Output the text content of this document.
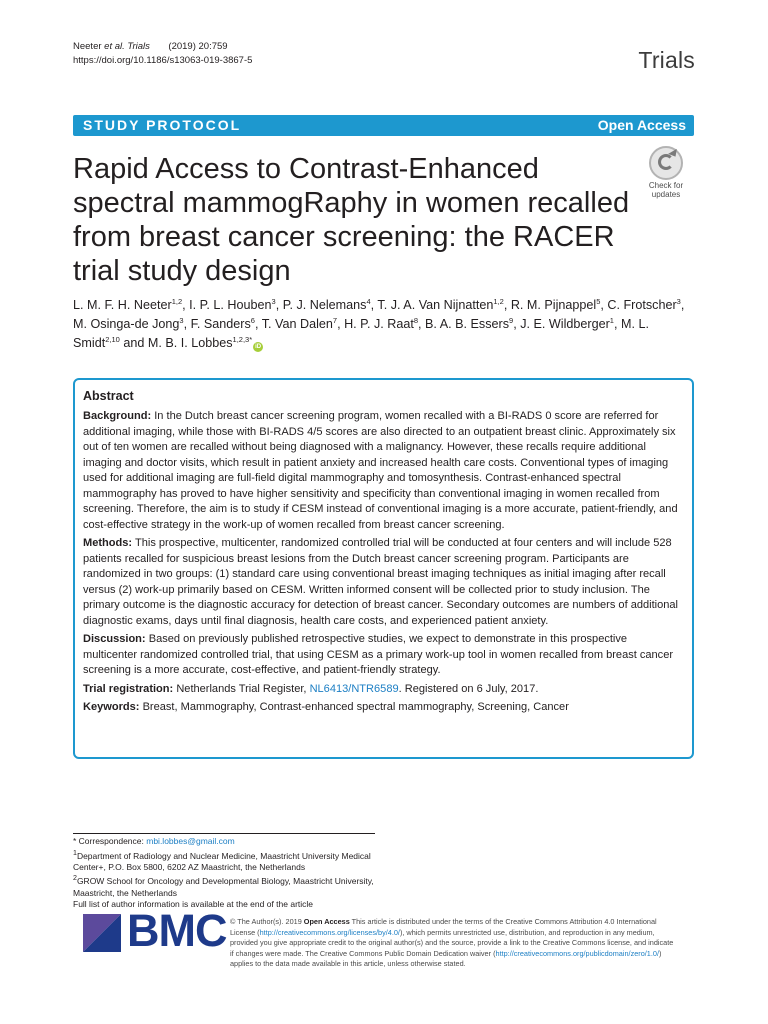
Neeter et al. Trials (2019) 20:759
https://doi.org/10.1186/s13063-019-3867-5	Trials
STUDY PROTOCOL	Open Access
Rapid Access to Contrast-Enhanced spectral mammogRaphy in women recalled from breast cancer screening: the RACER trial study design
Check for
updates
L. M. F. H. Neeter$^{1,2}$, I. P. L. Houben$^3$, P. J. Nelemans$^4$, T. J. A. Van Nijnatten$^{1,2}$, R. M. Pijnappel$^5$, C. Frotscher$^3$, M. Osinga-de Jong$^3$, F. Sanders$^6$, T. Van Dalen$^7$, H. P. J. Raat$^8$, B. A. B. Essers$^9$, J. E. Wildberger$^1$, M. L. Smidt$^{2,10}$ and M. B. I. Lobbes$^{1,2,3*}$iD
Abstract

Background: In the Dutch breast cancer screening program, women recalled with a BI-RADS 0 score are referred for additional imaging, while those with BI-RADS 4/5 scores are also directed to an outpatient breast clinic. Approximately six out of ten women are recalled without being diagnosed with a malignancy. However, these recalls require additional imaging and doctor visits, which result in patient anxiety and increased health care costs. Conventional types of imaging used for additional imaging are full-field digital mammography and tomosynthesis. Contrast-enhanced spectral mammography has proved to have higher sensitivity and specificity than conventional imaging in women recalled from screening. Therefore, the aim is to study if CESM instead of conventional imaging is a more accurate, patient-friendly, and cost-effective strategy in the work-up of women recalled from breast cancer screening.

Methods: This prospective, multicenter, randomized controlled trial will be conducted at four centers and will include 528 patients recalled for suspicious breast lesions from the Dutch breast cancer screening program. Participants are randomized in two groups: (1) standard care using conventional breast imaging techniques as initial imaging after recall versus (2) work-up primarily based on CESM. Written informed consent will be collected prior to study inclusion. The primary outcome is the diagnostic accuracy for detection of breast cancer. Secondary outcomes are numbers of additional diagnostic exams, days until final diagnosis, health care costs, and experienced patient anxiety.

Discussion: Based on previously published retrospective studies, we expect to demonstrate in this prospective multicenter randomized controlled trial, that using CESM as a primary work-up tool in women recalled from breast cancer screening is a more accurate, cost-effective, and patient-friendly strategy.

Trial registration: Netherlands Trial Register, NL6413/NTR6589. Registered on 6 July, 2017.

Keywords: Breast, Mammography, Contrast-enhanced spectral mammography, Screening, Cancer

* Correspondence: mbi.lobbes@gmail.com
$^1$Department of Radiology and Nuclear Medicine, Maastricht University Medical Center+, P.O. Box 5800, 6202 AZ Maastricht, the Netherlands
$^2$GROW School for Oncology and Developmental Biology, Maastricht University, Maastricht, the Netherlands
Full list of author information is available at the end of the article
BMC © The Author(s). 2019 Open Access This article is distributed under the terms of the Creative Commons Attribution 4.0 International License (http://creativecommons.org/licenses/by/4.0/), which permits unrestricted use, distribution, and reproduction in any medium, provided you give appropriate credit to the original author(s) and the source, provide a link to the Creative Commons license, and indicate if changes were made. The Creative Commons Public Domain Dedication waiver (http://creativecommons.org/publicdomain/zero/1.0/) applies to the data made available in this article, unless otherwise stated.
